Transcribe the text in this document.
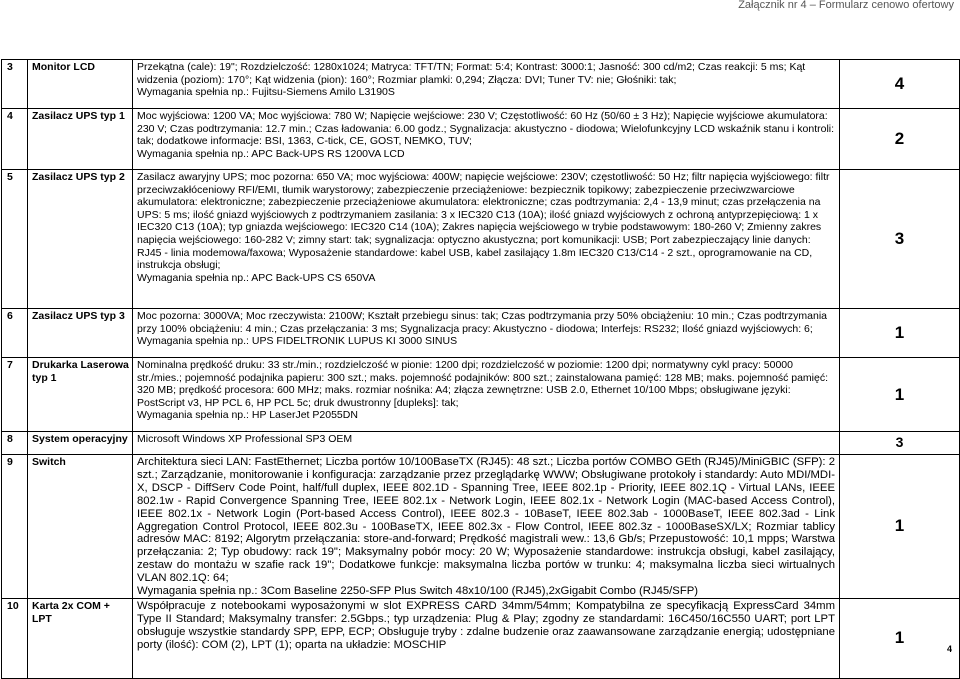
Załącznik nr 4 – Formularz cenowo ofertowy
3	Monitor LCD	Przekątna (cale): 19"; Rozdzielczość: 1280x1024; Matryca: TFT/TN; Format: 5:4; Kontrast: 3000:1; Jasność: 300 cd/m2; Czas reakcji: 5 ms; Kąt widzenia (poziom): 170°; Kąt widzenia (pion): 160°; Rozmiar plamki: 0,294; Złącza: DVI; Tuner TV: nie; Głośniki: tak;
Wymagania spełnia np.: Fujitsu-Siemens Amilo L3190S	4
4	Zasilacz UPS typ 1	Moc wyjściowa: 1200 VA; Moc wyjściowa: 780 W; Napięcie wejściowe: 230 V; Częstotliwość: 60 Hz (50/60 ± 3 Hz); Napięcie wyjściowe akumulatora: 230 V; Czas podtrzymania: 12.7 min.; Czas ładowania: 6.00 godz.; Sygnalizacja: akustyczno - diodowa; Wielofunkcyjny LCD wskaźnik stanu i kontroli: tak; dodatkowe informacje: BSI, 1363, C-tick, CE, GOST, NEMKO, TUV;
Wymagania spełnia np.: APC Back-UPS RS 1200VA LCD	2
5	Zasilacz UPS typ 2	Zasilacz awaryjny UPS; moc pozorna: 650 VA; moc wyjściowa: 400W; napięcie wejściowe: 230V; częstotliwość: 50 Hz; filtr napięcia wyjściowego: filtr przeciwzakłóceniowy RFI/EMI, tłumik warystorowy; zabezpieczenie przeciążeniowe: bezpiecznik topikowy; zabezpieczenie przeciwzwarciowe akumulatora: elektroniczne; zabezpieczenie przeciążeniowe akumulatora: elektroniczne; czas podtrzymania: 2,4 - 13,9 minut; czas przełączenia na UPS: 5 ms; ilość gniazd wyjściowych z podtrzymaniem zasilania: 3 x IEC320 C13 (10A); ilość gniazd wyjściowych z ochroną antyprzepięciową: 1 x IEC320 C13 (10A); typ gniazda wejściowego: IEC320 C14 (10A); Zakres napięcia wejściowego w trybie podstawowym: 180-260 V; Zmienny zakres napięcia wejściowego: 160-282 V; zimny start: tak; sygnalizacja: optyczno akustyczna; port komunikacji: USB; Port zabezpieczający linie danych: RJ45 - linia modemowa/faxowa; Wyposażenie standardowe: kabel USB, kabel zasilający 1.8m IEC320 C13/C14 - 2 szt., oprogramowanie na CD, instrukcja obsługi;
Wymagania spełnia np.: APC Back-UPS CS 650VA	3
6	Zasilacz UPS typ 3	Moc pozorna: 3000VA; Moc rzeczywista: 2100W; Kształt przebiegu sinus: tak; Czas podtrzymania przy 50% obciążeniu: 10 min.; Czas podtrzymania przy 100% obciążeniu: 4 min.; Czas przełączania: 3 ms; Sygnalizacja pracy: Akustyczno - diodowa; Interfejs: RS232; Ilość gniazd wyjściowych: 6;
Wymagania spełnia np.: UPS FIDELTRONIK LUPUS KI 3000 SINUS	1
7	Drukarka Laserowa typ 1	Nominalna prędkość druku: 33 str./min.; rozdzielczość w pionie: 1200 dpi; rozdzielczość w poziomie: 1200 dpi; normatywny cykl pracy: 50000 str./mies.; pojemność podajnika papieru: 300 szt.; maks. pojemność podajników: 800 szt.; zainstalowana pamięć: 128 MB; maks. pojemność pamięć: 320 MB; prędkość procesora: 600 MHz; maks. rozmiar nośnika: A4; złącza zewnętrzne: USB 2.0, Ethernet 10/100 Mbps; obsługiwane języki: PostScript v3, HP PCL 6, HP PCL 5c; druk dwustronny [dupleks]: tak;
Wymagania spełnia np.: HP LaserJet P2055DN	1
8	System operacyjny	Microsoft Windows XP Professional SP3 OEM	3
9	Switch	Architektura sieci LAN: FastEthernet; Liczba portów 10/100BaseTX (RJ45): 48 szt.; Liczba portów COMBO GEth (RJ45)/MiniGBIC (SFP): 2 szt.; Zarządzanie, monitorowanie i konfiguracja: zarządzanie przez przeglądarkę WWW; Obsługiwane protokoły i standardy: Auto MDI/MDI-X, DSCP - DiffServ Code Point, half/full duplex, IEEE 802.1D - Spanning Tree, IEEE 802.1p - Priority, IEEE 802.1Q - Virtual LANs, IEEE 802.1w - Rapid Convergence Spanning Tree, IEEE 802.1x - Network Login, IEEE 802.1x - Network Login (MAC-based Access Control), IEEE 802.1x - Network Login (Port-based Access Control), IEEE 802.3 - 10BaseT, IEEE 802.3ab - 1000BaseT, IEEE 802.3ad - Link Aggregation Control Protocol, IEEE 802.3u - 100BaseTX, IEEE 802.3x - Flow Control, IEEE 802.3z - 1000BaseSX/LX; Rozmiar tablicy adresów MAC: 8192; Algorytm przełączania: store-and-forward; Prędkość magistrali wew.: 13,6 Gb/s; Przepustowość: 10,1 mpps; Warstwa przełączania: 2; Typ obudowy: rack 19"; Maksymalny pobór mocy: 20 W; Wyposażenie standardowe: instrukcja obsługi, kabel zasilający, zestaw do montażu w szafie rack 19"; Dodatkowe funkcje: maksymalna liczba portów w trunku: 4; maksymalna liczba sieci wirtualnych VLAN 802.1Q: 64;
Wymagania spełnia np.: 3Com Baseline 2250-SFP Plus Switch 48x10/100 (RJ45),2xGigabit Combo (RJ45/SFP)	1
10	Karta 2x COM + LPT	Współpracuje z notebookami wyposażonymi w slot EXPRESS CARD 34mm/54mm; Kompatybilna ze specyfikacją ExpressCard 34mm Type II Standard; Maksymalny transfer: 2.5Gbps.; typ urządzenia: Plug & Play; zgodny ze standardami: 16C450/16C550 UART; port LPT obsługuje wszystkie standardy SPP, EPP, ECP; Obsługuje tryby : zdalne budzenie oraz zaawansowane zarządzanie energią; udostępniane porty (ilość): COM (2), LPT (1); oparta na układzie: MOSCHIP	1
4
